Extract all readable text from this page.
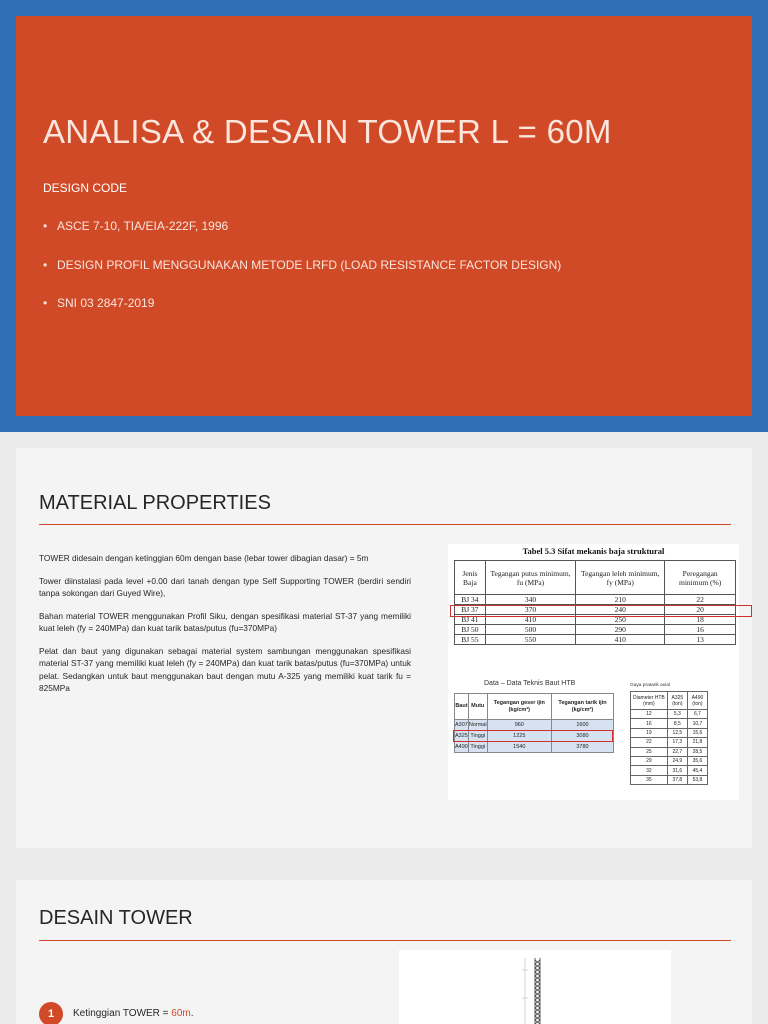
ANALISA & DESAIN TOWER L = 60M
DESIGN CODE
• ASCE 7-10, TIA/EIA-222F, 1996
• DESIGN PROFIL MENGGUNAKAN METODE LRFD (LOAD RESISTANCE FACTOR DESIGN)
• SNI 03 2847-2019
MATERIAL PROPERTIES

TOWER didesain dengan ketinggian 60m dengan base (lebar tower dibagian dasar) = 5m

Tower diinstalasi pada level +0.00 dari tanah dengan type Self Supporting TOWER (berdiri sendiri tanpa sokongan dari Guyed Wire),

Bahan material TOWER menggunakan Profil Siku, dengan spesifikasi material ST-37 yang memiliki kuat leleh (fy = 240MPa) dan kuat tarik batas/putus (fu=370MPa)

Pelat dan baut yang digunakan sebagai material system sambungan menggunakan spesifikasi material ST-37 yang memiliki kuat leleh (fy = 240MPa) dan kuat tarik batas/putus (fu=370MPa) untuk pelat. Sedangkan untuk baut menggunakan baut dengan mutu A-325 yang memiliki kuat tarik fu = 825MPa

Tabel 5.3 Sifat mekanis baja struktural
Jenis Baja	Tegangan putus minimum, fu (MPa)	Tegangan leleh minimum, fy (MPa)	Peregangan minimum (%)
BJ 34	340	210	22
BJ 37	370	240	20
BJ 41	410	250	18
BJ 50	500	290	16
BJ 55	550	410	13
Data – Data Teknis Baut HTB
Baut	Mutu	Tegangan geser ijin (kg/cm²)	Tegangan tarik ijin (kg/cm²)
A307	Normal	960	1600
A325	Tinggi	1225	3080
A490	Tinggi	1540	3780
Gaya pratarik axial
Diameter HTB (mm)	A325 (ton)	A490 (ton)
12	5,3	6,7
16	8,5	10,7
19	12,5	15,6
22	17,3	21,8
25	22,7	28,5
29	24,9	35,6
32	31,6	45,4
35	37,8	53,8
DESAIN TOWER
1	Ketinggian TOWER = 60m.
